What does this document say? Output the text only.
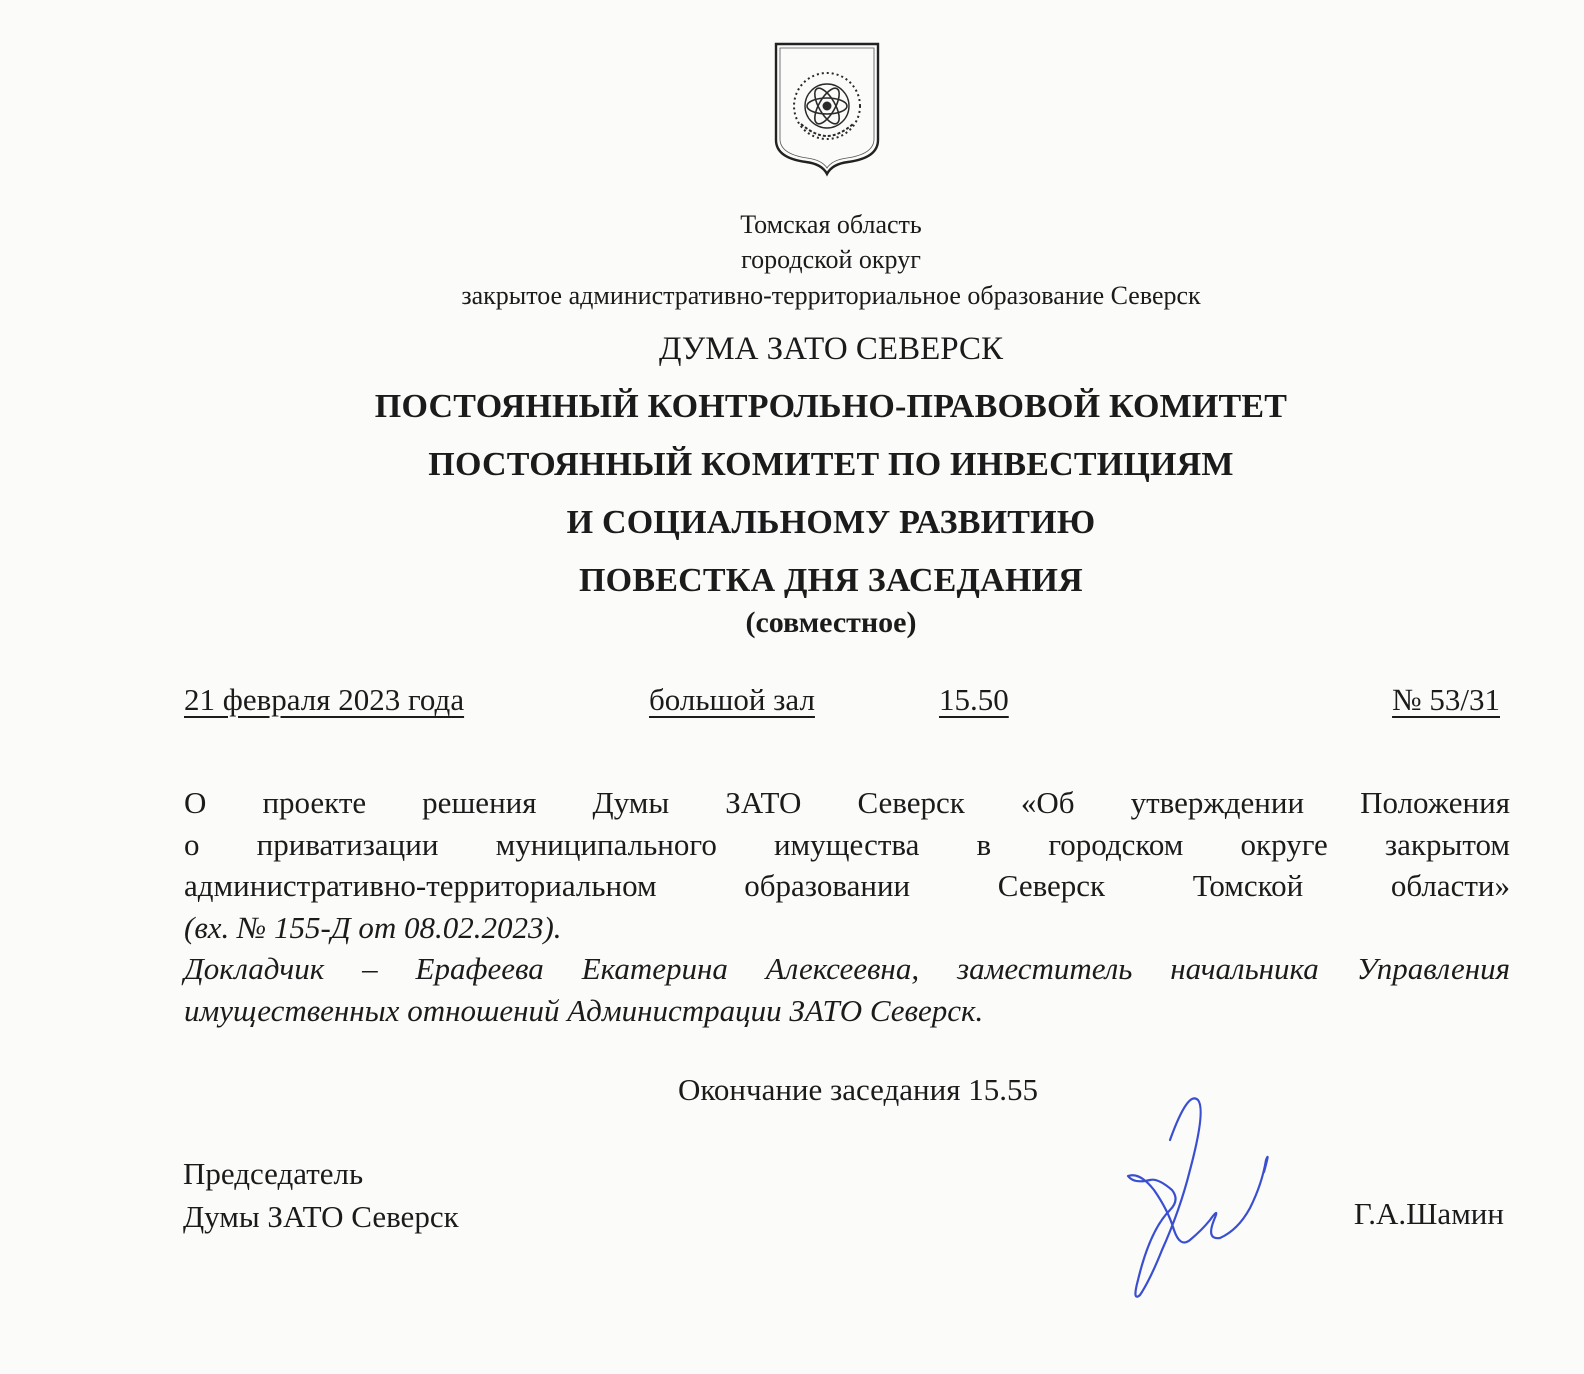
Томская область
городской округ
закрытое административно-территориальное образование Северск
ДУМА ЗАТО СЕВЕРСК
ПОСТОЯННЫЙ КОНТРОЛЬНО-ПРАВОВОЙ КОМИТЕТ
ПОСТОЯННЫЙ КОМИТЕТ ПО ИНВЕСТИЦИЯМ
И СОЦИАЛЬНОМУ РАЗВИТИЮ
ПОВЕСТКА ДНЯ ЗАСЕДАНИЯ
(совместное)
21 февраля 2023 года	большой зал	15.50	№ 53/31
О проекте решения Думы ЗАТО Северск «Об утверждении Положения
о приватизации муниципального имущества в городском округе закрытом
административно-территориальном образовании Северск Томской области»
(вх. № 155-Д от 08.02.2023).
Докладчик – Ерафеева Екатерина Алексеевна, заместитель начальника Управления
имущественных отношений Администрации ЗАТО Северск.
Окончание заседания 15.55
Председатель
Думы ЗАТО Северск	Г.А.Шамин
